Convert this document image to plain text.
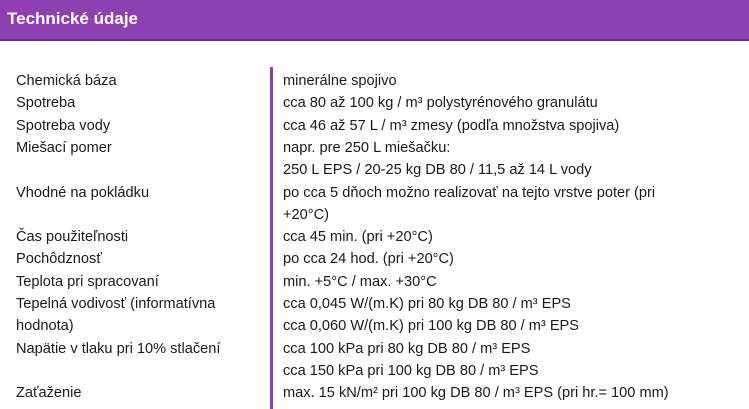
Technické údaje
Chemická báza	minerálne spojivo
Spotreba	cca 80 až 100 kg / m³ polystyrénového granulátu
Spotreba vody	cca 46 až 57 L / m³ zmesy (podľa množstva spojiva)
Miešací pomer	napr. pre 250 L miešačku:
250 L EPS / 20-25 kg DB 80 / 11,5 až 14 L vody
Vhodné na pokládku	po cca 5 dňoch možno realizovať na tejto vrstve poter (pri
+20°C)
Čas použiteľnosti	cca 45 min. (pri +20°C)
Pochôdznosť	po cca 24 hod. (pri +20°C)
Teplota pri spracovaní	min. +5°C / max. +30°C
Tepelná vodivosť (informatívna	cca 0,045 W/(m.K) pri 80 kg DB 80 / m³ EPS
hodnota)	cca 0,060 W/(m.K) pri 100 kg DB 80 / m³ EPS
Napätie v tlaku pri 10% stlačení	cca 100 kPa pri 80 kg DB 80 / m³ EPS
cca 150 kPa pri 100 kg DB 80 / m³ EPS
Zaťaženie	max. 15 kN/m² pri 100 kg DB 80 / m³ EPS (pri hr.= 100 mm)
